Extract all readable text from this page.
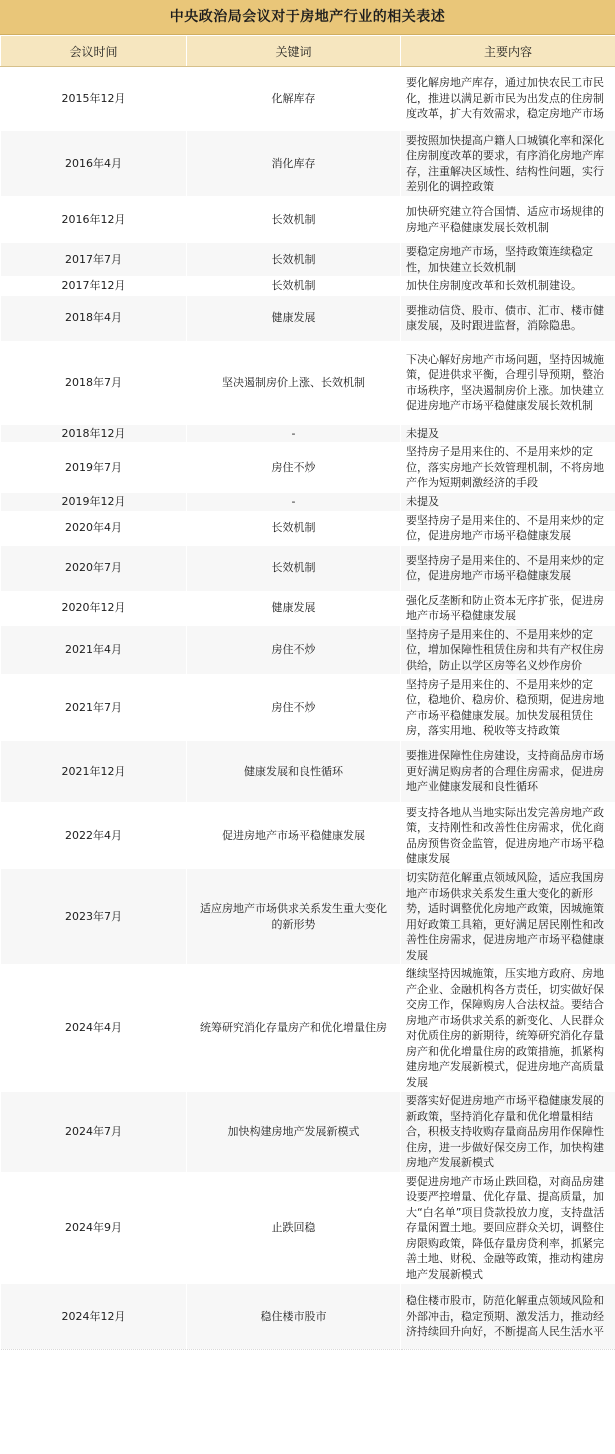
中央政治局会议对于房地产行业的相关表述
会议时间	关键词	主要内容
2015年12月	化解库存	要化解房地产库存，通过加快农民工市民化，推进以满足新市民为出发点的住房制度改革，扩大有效需求，稳定房地产市场
2016年4月	消化库存	要按照加快提高户籍人口城镇化率和深化住房制度改革的要求，有序消化房地产库存，注重解决区域性、结构性问题，实行差别化的调控政策
2016年12月	长效机制	加快研究建立符合国情、适应市场规律的房地产平稳健康发展长效机制
2017年7月	长效机制	要稳定房地产市场，坚持政策连续稳定性，加快建立长效机制
2017年12月	长效机制	加快住房制度改革和长效机制建设。
2018年4月	健康发展	要推动信贷、股市、债市、汇市、楼市健康发展，及时跟进监督，消除隐患。
2018年7月	坚决遏制房价上涨、长效机制	下决心解好房地产市场问题，坚持因城施策，促进供求平衡，合理引导预期，整治市场秩序，坚决遏制房价上涨。加快建立促进房地产市场平稳健康发展长效机制
2018年12月	-	未提及
2019年7月	房住不炒	坚持房子是用来住的、不是用来炒的定位，落实房地产长效管理机制，不将房地产作为短期刺激经济的手段
2019年12月	-	未提及
2020年4月	长效机制	要坚持房子是用来住的、不是用来炒的定位，促进房地产市场平稳健康发展
2020年7月	长效机制	要坚持房子是用来住的、不是用来炒的定位，促进房地产市场平稳健康发展
2020年12月	健康发展	强化反垄断和防止资本无序扩张，促进房地产市场平稳健康发展
2021年4月	房住不炒	坚持房子是用来住的、不是用来炒的定位，增加保障性租赁住房和共有产权住房供给，防止以学区房等名义炒作房价
2021年7月	房住不炒	坚持房子是用来住的、不是用来炒的定位，稳地价、稳房价、稳预期，促进房地产市场平稳健康发展。加快发展租赁住房，落实用地、税收等支持政策
2021年12月	健康发展和良性循环	要推进保障性住房建设，支持商品房市场更好满足购房者的合理住房需求，促进房地产业健康发展和良性循环
2022年4月	促进房地产市场平稳健康发展	要支持各地从当地实际出发完善房地产政策，支持刚性和改善性住房需求，优化商品房预售资金监管，促进房地产市场平稳健康发展
2023年7月	适应房地产市场供求关系发生重大变化的新形势	切实防范化解重点领域风险，适应我国房地产市场供求关系发生重大变化的新形势，适时调整优化房地产政策，因城施策用好政策工具箱，更好满足居民刚性和改善性住房需求，促进房地产市场平稳健康发展
2024年4月	统筹研究消化存量房产和优化增量住房	继续坚持因城施策，压实地方政府、房地产企业、金融机构各方责任，切实做好保交房工作，保障购房人合法权益。要结合房地产市场供求关系的新变化、人民群众对优质住房的新期待，统筹研究消化存量房产和优化增量住房的政策措施，抓紧构建房地产发展新模式，促进房地产高质量发展
2024年7月	加快构建房地产发展新模式	要落实好促进房地产市场平稳健康发展的新政策，坚持消化存量和优化增量相结合，积极支持收购存量商品房用作保障性住房，进一步做好保交房工作，加快构建房地产发展新模式
2024年9月	止跌回稳	要促进房地产市场止跌回稳，对商品房建设要严控增量、优化存量、提高质量，加大“白名单”项目贷款投放力度，支持盘活存量闲置土地。要回应群众关切，调整住房限购政策，降低存量房贷利率，抓紧完善土地、财税、金融等政策，推动构建房地产发展新模式
2024年12月	稳住楼市股市	稳住楼市股市，防范化解重点领域风险和外部冲击，稳定预期、激发活力，推动经济持续回升向好，不断提高人民生活水平
